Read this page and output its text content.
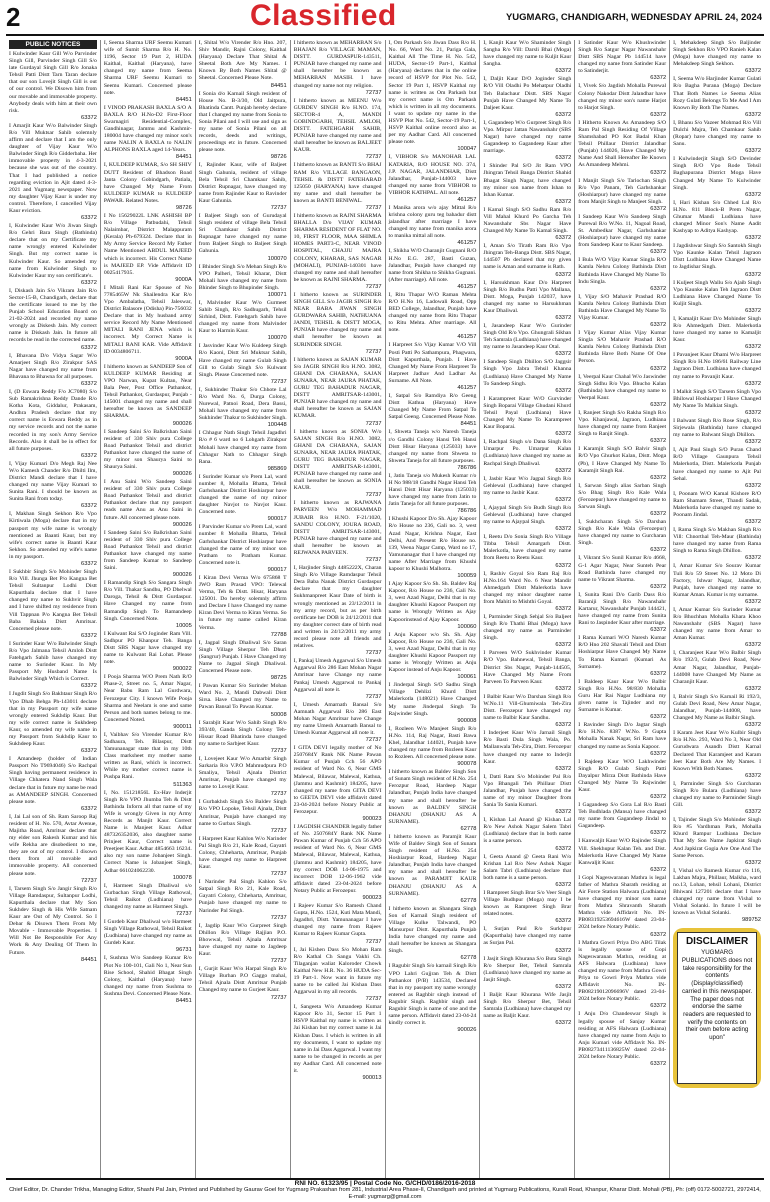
2	Classified	YUGMARG, CHANDIGARH, WEDNESDAY APRIL 24, 2024
PUBLIC NOTICES

I Kulwinder Kaur Gill W/o Parvinder Singh Gill, Parvinder Singh Gill S/o late Gurdayal Singh Gill R/o Jonaka Tehsil Patti Distt Tarn Taran declare that our son Lovejit Singh Gill is out of our control. We Disown him from our movable and immovable property. Anybody deals with him at their own risk.

63372

I Amarjit Kaur W/o Balwinder Singh R/o Vill Muktsar Sahib solemnly affirm and declare that I am the only daughter of Vijay Kaur W/o Balwinder Singh R/o Gidderbaha. Her immovable property in 4-3-2021 because she was out of the country. That I had published a notice regarding eviction in Ajit dated 4-3-2021 and Yugmarg newspaper. Now my daughter Vijay Kaur is under my control. Therefore, I cancelled Vijay Kaur eviction.

63372

I, Kulwinder Kaur W/o Jiwan Singh R/o Gehri Bara Singh (Bathinda) declare that on my Certificate my name wrongly entered Kulwinder Singh. But my correct name is Kulwinder Kaur. So amended my name from Kulwinder Singh to Kulwinder Kaur my son certificate's.

63372

I, Diskash Jain S/o Vikram Jain R/o Sector-15-B, Chandigarh, declare that the certificate issued to me by the Punjab School Education Board on 21-02-2024 and recorded my name wrongly as Diskesh Jain. My correct name is Diskash Jain. In future all records be read in the corrected name.

63372

I, Bhavana D/o Vidya Sagar W/o Amarjeet Singh R/o Zirakpur SAS Nagar have changed my name from Bhavana to Bhawna for all purposes.

63372

I, (D Eswara Reddy F/o JC7080) S/o Sub Ramakrishna Reddy Dande R/o Kotha Kota, Giddalur, Prakasam, Andhra Pradesh declare that my correct name is Eswara Reddy as in my service records and not the name recorded in my son's Army Service Records. Also it shall be in effect for all future purposes.

63372

I, Vijay Kumari D/o Megh Raj Nee W/o Kamesh Chander R/o Dhilti Ilm, District Mandi declare that I have changed my name Vijay Kumari to Sunita Rani. I should be known as Sunita Rani from today.

63372

I, Makhan Singh Sekhon R/o Vpo Kirtiwala (Moga) declare that in my passport my wife name is wrongly mentioned as Baanti Kaur, but my wife's correct name is Baanti Kaur Sekhon. So amended my wife's name in my passport.

63372

I Sukhbir Singh S/o Mohinder Singh R/o Vill. Jhunga Bet P/o Kangna Bet Tehsil Sultanpur Lodhi Distt Kapurthala declare that I have changed my name to Sukhvir Singh and I have shifted my residence from Vill Tappnan P/o Kangna Bet Tehsil Baba Bakala Distt Amritsar. Concerned please note.

63372

I Surinder Kaur W/o Balwinder Singh R/o Vpo Jalmana Tehsil Amloh Distt Fatehgarh Sahib have changed my name to Surinder Kaur. In My Passport My Husband Name Is Balwinder Singh Which is Correct.

63372

I Jugdit Singh S/o Bakhtaur Singh R/o Vpo Dhab Behga Ph-143011 declare that in my Passport my wife name wrongly entered Sukhdip Kaur. But my wife correct name is Sukhdeep Kaur, so amended my wife name in my Passport from Sukhdip Kaur to Sukhdeep Kaur.

63372

I Amandeep (holder of Indian Passport No T9694046) S/o Rachpal Singh having permanent residence in Village Chhatera Nand Singh Wala declare that in future my name be read as AMANDEEP SINGH. Concerned please note.

63372

I, Jai Lal son of Sh. Ram Saroop Raj resident of H. No. 570, Avtar Avenue, Majitha Road, Amritsar declare that my elder son Rakesh Kumar and his wife Rekha are disobedient to me, they are out of my control. I disown them from all movable and immovable property. All concerned please note.

72737

I, Tarsem Singh S/o Jangir Singh R/o Village Ramdaspur, Sultanpur Lodhi, Kapurthala declare that My Son Sukhdev Singh & His Wife Satnam Kaur are Out of My Control. So I Debar & Disown Them From My Movable - Immovable Properties. I Will Not Be Responsible For Any Work & Any Dealing Of Them In Future.

84451

I, Seema Sharma URF Seemu Kumari wife of Sumit Sharma R/o H. No. 1196, Sector 19 Part 2, HUDA Kaithal, Kaithal (Haryana), have changed my name from Seema Sharma URF Seemu Kumari to Seemu Kumari. Concerned please note.

84451

I VINOD PRAKASH BAXLA S/O A BAXLA R/O H.No-D2 First-Floor Swarnagiri Residential-Complex, Gandhinagar, Jammu and Kashmir-180004 have changed my minor son's name NALIN A BAXLA to NALIN ALPHONS BAXLA aged 14-Years.

84451

I, KULDEEP KUMAR, S/o SH SHIV DUTT Resident of Bhadson Road Janta Colony Gobindgarh, Patiala, have Changed My Name From KULDEEP KUMAR to KULDEEP PAWAR. Related Notes.

98726

I No 15629022L LNK ASHISH BP R/o Village Patbudahi, Tehsil Nalaimbar, District Malappuram (Kerala) Ph-679324. Declare that in My Army Service Record My Father Name Mentioned ABDUL MAJEED which is incorrect. His Correct Name is MAJEED EP. Vide Affidavit ID 0025417935.

9000A

I Mitali Rani Kar Spouse of No 7785465W Nk Shailendra Kar R/o Vpo Ambalatha, Tehsil Jaleswar, District Balasore (Odisha) Pin-756032 Declare that in My husband army service Record My Name Mentioned MITALI RANI JENA which is incorrect. My Correct Name is MITALI RANI KAR. Vide Affidavit ID 0034806711.

9000A

I hitherto known as SANDEEP Son of KULDEEP KUMAR Residing at VPO Narwan, Kupat Kultan, Near Bala Peer, Post Office Pathankot, Tehsil Pathankot, Gurdaspur, Punjab - 145001 changed my name and shall hereafter be known as SANDEEP SHARMA.

900026

I Sandeep Saini S/o Balkrishan Saini resident of 330 Shiv pura College Road Pathankot Tehsil and district Pathankot have changed the name of my minor son Shaurya Saini to Shaurya Saini.

900026

I Anu Saini W/o Sandeep Saini resident of 330 Shiv pura College Road Pathankot Tehsil and district Pathankot declare that my passport reads name Anu as Anu Saini in future. All concerned please note.

900026

I Sandeep Saini S/o Balkrishan Saini resident of 330 Shiv pura College Road Pathankot Tehsil and district Pathankot have changed my name from Sandeep Kumar to Sandeep Saini.

900026

I Ramandip Singh S/o Sangara Singh R/o Vill. Thakar Sandhu, PO Dhelwal Daroga, Tehsil & Distt Gurdaspur. Have Changed my name from Ramandip Singh To Ramandeep Singh. Concerned Note.

10005

I Kulwant Rai S/O Joginder Ram Vill. Sadhpur PO Khanpur Teh. Banga Distt SBS Nagar have changed my name to Kulwant Rai Lohat. Please note.

900022

I Pooja Sharma W/O Prem Nath R/O Phase-2, Street no. 5, Amar Nagar, Near Babu Ram Lal Gurdwara, Ferozepur City. I known Wife Pooja Sharma and Neelam is one and same Person and both names belong to me. Concerned Noted.

900011

I, Vaibhav S/o Virender Kumar R/o Sadhaura, Teh. Bilaspur, Distt Yamunanagar state that in my 10th Class marksheet my mother name written as Rani, which is incorrect. While my mother correct name is Pushpa Rani.

511363

I, No. 15121856L Ex-Hav Inderjit Singh R/o VPO Jhumba Teh & Distt Bathinda Inform all that name of my Wife is wrongly Given in my Army Records as Manjit Kaur. Correct Name is Manjeet Kaur. Adhar 487326352036, also daughter name Prinjeet Kaur, Correct name is Preetjeet Kaur. Adhar 4854663 16234. also my son name Jobanjeet Singh. Correct Name is Jobanjeet Singh, Adhar 661024062230.

100078

I, Harmeet Singh Dhaliwal s/o Gurbachan Singh Village Rathowal, Tehsil Raikot (Ludhiana) have changed my name as Harmeet Singh.

72737

I Gurdeb Kaur Dhaliwal w/o Harmeet Singh Village Rathowal, Tehsil Raikot (Ludhiana) have changed my name as Gurdeb Kaur.

96731

I, Sushma W/o Sandeep Kumar R/o Plot No 100-101, Gali No 1, Near Sun Rise School, Shahid Bhagat Singh Colony, Kaithal (Haryana) have changed my name from Sushma to Sushma Devi. Concerned Please Note.

84451

I, Shital W/o Virender R/o Hno. 207, Shiv Mandir, Rajni Colony, Kaithal (Haryana) Declare That Shital & Sheetal Both Are My Names. I Known By Both Names Shital @ Sheetal. Concerned Please Note.

84451

I Sonia d/o Karnail Singh resident of House No. B-3/30, Old Jaitpura, Bhatinda Cantt. Punjab hereby declare that I changed my name from Sonia to Sonia Pilani and I will use and sign as my name of Sonia Pilani on all records, deeds and writings, proceedings etc in future. Concerned please note.

98726

I, Rajinder Kaur, wife of Baljeet Singh Gahunia, resident of village Bela Tehsil Sri Chamkaur Sahib, District Rupnagar, have changed my name from Rajinder Kaur to Ravinder Kaur Gahunia.

72737

I Baljeet Singh son of Gurudayal Singh resident of village Bela Tehsil Sri Chamkaur Sahib District Rupnagar have changed my name from Baljeet Singh to Baljeet Singh Gahunia.

100070

I Bhinder Singh S/o Mehan Singh R/o VPO Palheri, Tehsil Kharar, Distt Mohali have changed my name from Bhinder Singh to Bhupinder Singh.

100071

I, Malvinder Kaur W/o Gurmeet Sahib Singh, R/o Sadhugarh, Tehsil Sirhind, Distt. Fatehgarh Sahib have changed my name from Malvinder Kaur to Harmin Kaur.

100070

I Jasvinder Kaur W/o Kuldeep Singh R/o Kaoni, Distt Sri Muktsar Sahib, Have changed my name Gulab Singh Gill to Gulab Singh S/o Kulwant Singh. Please Concerned note.

72737

I, Sukhinder Thakur S/o Chhote Lal R/o Ward No. 6, Durga Colony, Nurewal, Patnoi Road, Dera Bassi, Mohali have changed my name from Sukhinder Thakur to Sukhinder Singh.

100448

I Chhagur Nath Singh Tehsil Jagadhri R/o # 6 ward no 6 Lohgarh Zirakpur Mohali have changed my name from Chhagur Nath to Chhagur Singh Rana.

985869

I Surinder Kumar s/o Prem Lal, ward number 8, Mohalla Bhatta, Tehsil Garhshankar District Hoshiarpur have changed the name of my minor daughter Navjot to Navjot Kaur. Concerned note.

900017

I Parvinder Kumar s/o Prem Lal, ward number 8 Mohalla Bhatta, Tehsil Garhshankar District Hoshiarpur have changed the name of my minor son Pratham to Pratham Kumar. Concerned note it.

900017

I Kiran Devi Verma W/o 675868 T JWO Ram Prasad VPO: Telewal Verma, Teh & Distt. Hisar, Haryana 125001. Do hereby solemnly affirm and Declare I have Changed my name Kiran Devi Verma to Kiran Verma. So in future my name called Kiran Verma.

72788

I, Jagpal Singh Dhaliwal S/o Saran Singh Village Sherpur Teh Dhuri (Sangrur) Punjab. I Have Changed my Name to Jagpal Singh Dhaliwal. Concerned Please note.

98725

I Pawan Kumar S/o Surinder Mohan Ward No. 2, Mandi Dabwali Distt Sirsa. Have Changed my Name to Pawan Bansal To Pawan Kumar.

50008

I Sarabjit Kaur W/o Sahib Singh R/o 393/40, Ganda Singh Colony Teh-Hissar Road Bhatinda have changed my name to Sarbjeet Kaur.

72737

I, Lovejeet Kaur W/o Amarbir Singh Sarkaria R/o V.P.O Mahmudpura P.O Smaliya, Tehsil Ajnala District Amritsar, Punjab have changed my name to Lovejit Kaur.

72737

I Gurbakhsh Singh S/o Baldev Singh R/o VPO Lopoke, Tehsil Ajnala, Distt Amritsar, Punjab have changed my name to Gurbax Singh.

72737

I Harpreet Kaur Kahlon W/o Narinder Pal Singh R/o 21, Kale Road, Gayatri Colony, Chheharta, Amritsar, Punjab have changed my name to Harpreet Kaur.

72737

I Narinder Pal Singh Kahlon S/o Satpal Singh R/o 21, Kale Road, Gayatri Colony, Chheharta, Amritsar, Punjab have changed my name to Narinder Pal Singh.

72737

I, Jagdip Kaur W/o Gurpreet Singh Dhillon R/o Village Rajjian P.O. Bhowwal, Tehsil Ajnala Amritsar have changed my name to Jagdeep Kaur.

72737

I, Gurjit Kaur W/o Harpal Singh R/o Village Burhan P.O Gaggo mahal, Tehsil Ajnala Distt Amritsar Punjab Changed my name to Gurjeet Kaur.

72737

I hitherto known as MEHARBAN S/o BHAJAN R/o VILLAGE MAMAN, DISTT. GURDASPUR-143511, PUNJAB have changed my name and shall hereafter be known as MEHARBAN MASIH. I have changed my name not my religion.

72737

I hitherto known as MEENU W/o GURDEV SINGH R/o H.NO. 174, SECTOR-4 A, MANDI GOBINDGARH, TEHSIL AMLOH, DISTT. FATEHGARH SAHIB, PUNJAB have changed my name and shall hereafter be known as BALJEET KAUR.

72737

I hitherto known as BANTI S/o BHAJ RAM R/o VILLAGE BANGAON, TEHSIL & DISTT FATEHABAD 125050 (HARYANA) have changed my name and shall hereafter be known as BANTI BENIWAL.

72737

I hitherto known as RAJNI SHARMA BHALLA D/o VIJAY KUMAR SHARMA RESIDENT OF FLAT NO. 10, FIRST FLOOR, MAA SHIMLA HOMES PART3-C, NEAR VINOD HOSPITAL, CHAJJU MAJRA COLONY, KHARAR, SAS NAGAR (MOHALI), PUNJAB-140301 have changed my name and shall hereafter be known as RAJNI SHARMA.

72737

I hitherto known as SURINDER SINGH GILL S/o JAGIR SINGH R/o NEAR BABA JIWAN SINGH GURDWARA SAHIB, NATHUANA JANDI, TEHSIL & DISTT MOGA, PUNJAB have changed my name and shall hereafter be known as SURINDER SINGH.

72737

I hitherto known as SAJAN KUMAR S/o JAGIR SINGH R/o H.NO. 3082, GHANI DA CHABANA, SAJAN SUNARA, NEAR JAURA PHATAK, GURU TEG BAHADUR NAGAR, DISTT AMRITSAR-143001, PUNJAB have changed my name and shall hereafter be known as SAJAN KUMAR.

72737

I hitherto known as SONIA W/o SAJAN SINGH R/o H.NO. 3082, GHANI DA CHABANA, SAJAN SUNARA, NEAR JAURA PHATAK, GURU TEG BAHADUR NAGAR, DISTT AMRITSAR-143001, PUNJAB have changed my name and shall hereafter be known as SONIA KAUR.

72737

I hitherto known as RAJWANA PARVEEN W/o MOHAMMAD JUBAIR R/o H.NO. F-21/1020, SANDU COLONY, JOURA ROAD, DISTT AMRITSAR-143001, PUNJAB have changed my name and shall hereafter be known as REJWANA PARVEEN.

72737

I, Harjinder Singh 4485222X, Charan Singh R/o Village Ramdaspur Tehsil Dera Baba Nanak District Gurdaspur declare that my daughter Sukhmanpreet Kaur Date of birth is wrongly mentioned as 23/12/2011 in my army record, but as per birth certificate her DOB is 24/12/2011 that my daughter correct date of birth read and written in 24/12/2011 my army record please note all friends and relatives.

72737

I, Pankaj Umesh Aggarwal S/o Umesh Aggarwal R/o 286 East Mohan Nagar Amritsar have Change my name Pankaj Umesh Aggarwal to Pankaj Aggarwal all note it.

72737

I, Umesh Amarnath Bansal S/o Aamnath Aggarwal R/o 286 East Mohan Nagar Amritsar have Change my name Umesh Amarnath Bansal to Umesh Kumar Aggarwal all note it.

72737

I GITA DEVI legally mother of No 2507684Y Rank NK Name Pawan Kumar of Punjab Cch 56 APO resident of Ward No. 6, Near GMS Malewal, Bilawar, Malewal, Kathua, (Jammu and Kashmir) 184205, have changed my name from GITA DEVI to GEETA DEVI vide affidavit dated 23-04-2024 before Notary Public at Ferozepur.

900023

I JAGDISH CHANDER legally father of No. 2507684Y Rank NK Name Pawan Kumar of Punjab Cch 56 APO resident of Ward No. 6, Near GMS Malewal, Bilawar, Malewal, Kathua, (Jammu and Kashmir) 184205, have my correct DOB 14-06-1975 and incorrect DOB 12-06-1962 vide affidavit dated 23-04-2024 before Notary Public at Ferozepur.

900023

I Rajeev Kumar S/o Ramesh Chand Gupta, H.No. 1524, Kuti Mata Mandi, Jagadhri, Distt. Yamunanagar I have changed my name from Rajeev Kumar to Rajeev Kumar Gupta.

72737

I, Jai Kishen Dass S/o Mohan Ram R/o Kathal Ch Sangu Vakhi Ch. Tilaganjan waliat Kaloroder Chowk Kaithal New H.R. No. 36 HUDA Sec-19 Part-1. Now want in future my name to be called Jai Kishan Dass Aggarwal in my all records.

72737

I, Sangeeta W/o Amandeep Kumar Kapoor R/o 31, Sector 15 Part 1 HSVP Kaithal my name is written as Jai Kishan but my correct name is Jai Kishan Dass. I which is written in all my documents, I want to update my name in Jai Dass Aggarwal. I want my name to be changed in records as per my Aadhar Card. All concerned note it.

900013

I, Om Parkash S/o Jiwan Dass R/o H. No. 66, Ward No. 21, Pariga Gala, Kaithal All The Time H. No. 542, HUDA, Sector-19 Part-1, Kaithal (Haryana) declares that in the online record of HSVP for Plot No. 542, Sector 19 Part 1, HSVP Kaithal my name is written as Om Parkash but my correct name is Om Parkash which is written in all my documents. I want to update my name in the HSVP Plot No. 542, Sector-19 Part-1, HSVP Kaithal online record also as per my Aadhar Card. All concerned please note.

100047

I, VIBHOR S/o MANOHAR LAL KATARIA, R/O HOUSE NO. 374, J.P. NAGAR, JALANDHAR, Distt Jalandhar, Punjab-144003 have changed my name from VIBHOR to VIBHOR KATHPAL. All note.

461257

I Manika arora w/o ajay Mittal R/o krishna colony guru teg bahadur distt jalandhar after marriage I have changed my name from manika arora to manika mittal all note.

461257

I, Shikha W/O Charanjit Gugnani R/O H.No E.G. 287, Basti Guzan, Jalandhar, Punjab have changed my name from Shikha to Shikha Gugnani. (After marriage). All note.

461257

I, Ritu Thapar W/O Raman Mehta R/O H.No 16, Ladowali Road, Opp BED College, Jalandhar, Punjab have changed my name from Ritu Thapar to Ritu Mehta. After marriage. All note.

461257

I Harpreet S/o Vijay Kumar V/O Vill Posti Patti Po Sathampura, Phagwara, Distt Kapurthala, Punjab. I Have Changed My Name From Harpreet To Harpreet Jadhav And Ladhar As Surname. All Note.

461257

I, Satpal S/o Ramdiya R/o Geeng Distt Kathua (Haryana) Have Changed My Name From Satpal To Satpal Geeng. Concerned Please Note.

84451

I, Shweta Taneja w/o Naresh Taneja r/o Gandhi Colony Hansi Teh Hansi Distt Hisar Haryana (125033) have changed my name from Shweta to Shweta Taneja for all future purposes.

786786

I, Jatin Taneja s/o Mukesh Kumar r/o H No 988/18 Gandhi Nagar Hansi Teh Hansi Distt Hisar Haryana (125033) have changed my name from Jatin to Jatin Taneja for all future purposes.

786786

I Khushi Kapoor D/o Sh. Ajay Kapoor R/o House no 236, Gali no. 3, west Azad Nagar, Krishna Nagar, East Delhi, And Present R/o House no. 139, Veena Nagar Camp, Ward no 17, Yamunanagar that I have changed my name After Marriage from Khushi kapoor to Khushi Malhotra.

100059

I Ajay Kapoor S/o Sh. Sh. Baldev Raj Kapoor, R/o House no 236, Gali No. 3, west Azad Nagar, Delhi that in my daughter Khushi Kapoor Passport my name is Wrongly Written as Ajay Kapoorinstead of Ajay Kapoor.

100060

I Anju Kapoor w/o Sh. Sh. Ajay Kapoor, R/o House no 236, Gali No. 3, west Azad Nagar, Delhi that in my daughter Khushi Kapoor Passport my name is Wrongly Written as Anju Kapoor instead of Anju Kapoor.

100061

I Jinderpal Singh S/O Sadhu Singh Village Dehlizi Khurd Distt Malerkotla (148021) Have Changed My name Jinderpal Singh To Rajwinder Singh.

900008

I, Rozleen W/o Manjeet Singh R/o H.No. 114, Raj Nagar, Basti Bawa Khel, Jalandhar 144021, Punjab have changed my name from Rozleen Kaur to Rozleen. All concerned please note.

900078

I hitherto known as Baldev Singh Son of Sunam Singh resident of H.No. 254 Ferozpur Road, Hardeep Nagar Jalandhar, Punjab India have changed my name and shall hereafter be known as BALDEV SINGH DHANJU (DHANJU AS A SURNAME).

62778

I hitherto known as Paramjit Kaur Wife of Baldev Singh Son of Sunam Singh resident of H.No. 254 Hoshiarpur Road, Hardeep Nagar Jalandhar, Punjab India have changed my name and shall hereafter be known as PARAMJIT KAUR DHANJU (DHANJU AS A SURNAME).

62778

I hitherto known as Shangara Singh Son of Karnail Singh resident of Village Kulke Talwandi, PO Mansurpur Distt. Kapurthala Punjab India have changed my name and shall hereafter be known as Shangara Singh.

62778

I Ragubir Singh S/o karnail Singh R/o VPO Lahri Gujjran Teh & Distt Pathankot (P/B) 143534, Declared that in my passport my name wrongly entered as Raghbir singh instead of Ragubir Singh. Raghbir singh and Ragubir Singh is name of one and the same person. Affidavit dated 23-04-24 kindly correct it.

900026

I, Kanjit Kaur W/o Shaminder Singh Sangha R/o Vill: Darsli Bhai (Moga) have changed my name to Kuljit Kaur Sangha.

63372

I, Daljit Kaur D/O Joginder Singh R/O Vill Oladhi Po Mehatpur Oladhi Teh Balachaur Distt. SBS Nagar Punjab Have Changed My Name To Daljeet Kaur.

63372

I, Gagandeep W/o Gurpreet Singh R/o Vpo. Mirpur Jattan Nawanshahr (SBS Nagar) have changed my name Gagandeep to Gagandeep Kaur after marriage.

63372

I Shinder Pal S/O Jit Ram VPO Jhingran Tehsil Banga District Shahid Bhagat Singh Nagar, have changed my minor son name from Ishan to Ishan Kumar.

63372

I Kamal Singh S/O Sadhu Ram R/o Vill Mahal Khurd Po Garcha Teh Nawanshahr Sbs Nagar Have Changed My Name To Kamal Singh.

63372

I, Aman S/o Tirath Ram R/o Vpo Jhingran Teh-Banga Distt. SBS Nagar, 144507 Pb declared that my given name is Aman and surname is Rath.

63372

I, Harsukhman Kaur D/o Harpreet Singh R/o Budhu Patti Vpo Mallana, Distt. Moga, Punjab 142037, have changed my name to Harsukhman Kaur Dhaliwal.

63372

I, Jasandeep Kaur W/o Gurinder Singh Old R/o Vpo. Ghungrali Sikhan Teh Samrala (Ludhiana) have changed my name to Jasandeep Kaur Otal.

63372

I Sandeep Singh Dhillon S/O Jaggsir Singh Vpo Jabra Tehsil Khanna (Ludhiana) Have Changed My Name To Sandeep Singh.

63372

I Karampreet Kaur W/O Gurvinder Singh Boparai Village Ghudani Khurd Tehsil Payal (Ludhiana) Have Changed My Name To Karampreet Kaur Boparai.

63372

I, Rachpal Singh s/o Dana Singh R/o Umarpur Po. Umarpur Kalan (Ludhiana) have changed my name as Rachpal Singh Dhaliwal.

63372

I, Jasbir Kaur W/o Jagpal Singh R/o Gehlewal (Ludhiana) have changed my name to Jasbir Kaur.

63372

I, Ajaypal Singh S/o Budh Singh R/o Gehlewal (Ludhiana) have changed my name to Ajaypal Singh.

63372

I, Reetu D/o Sonia Singh R/o Village Tibba Tehsil Amargarh Distt. Malerkotla, have changed my name from Reetu to Reetu Kaur.

63372

I, Rashiv Goyal S/o Ram Raj R/o H.No.164 Ward No. 6 Near Mandir Ahmedgarh Distt Malerkotla have changed my minor daughter name from Mahiti to Mishthi Goyal.

63372

I, Parminder Singh Sehjal S/o Baljeet Singh R/o Thathi Bhai (Moga) have changed my name as Parminder Singh.

63372

I Parveen W/O Sukhvinder Kumar R/O Vpo. Bahnewal, Tehsil Banga, District Sbs Nagar, Punjab-144505, Have Changed My Name From Parveen To Parveen Kaur.

63372

I Balbir Kaur W/o Darshan Singh R/o W.No.11 Vill-Ghumiwala Teh-Zira Distt. Ferozepur have changed my name to Balbir Kaur Sandhu.

63372

I Inderjeet Kaur W/o Jarnail Singh R/o Basti Dula Singh Wala, Po. Mallanwala Teh-Zira, Distt. Ferozepur have changed my name to Inderjit Kaur.

63372

I, Datti Ram S/o Mohinder Pal R/o Vpo Bhangali Teh Phillaur Distt Jalandhar, Punjab have changed the name of my minor Daughter from Sania To Sania Kumari.

63372

I, Kishan Lal Anand @ Kishan Lal R/o New Ashok Nagar Salem Tabri (Ludhiana) declare that in both name is a same person.

63372

I, Geeta Anand @ Geeta Rani W/o Krishan Lal R/o New Ashok Nagar Salam Tabri (Ludhiana) declare that both name is a same person.

63372

I Rampreet Singh Brar S/o Veer Singh Village Budhpur (Moga) may I be known as Rampreet Singh Brar related notes.

63372

I, Surjan Paul R/o Surkhpur (Kapurthala) have changed my name as Surjan Pal.

63372

I Jasjit Singh Khurana S/o Buta Singh R/o Sherpur Bet, Tehsil Samrala (Ludhiana) have changed my name as Jasjit Singh.

63372

I Baljit Kaur Khurana Wife Jasjit Singh R/o Sherpur Bet, Tehsil Samrala (Ludhiana) have changed my name as Baljit Kaur.

63372

I Satinder Kaur W/o Khushwinder Singh R/o Satgur Nagar Nawanshahr Distt SBS Nagar Pb 144514 have changed my name from Satinder Kaur to Satinderjit.

63372

I, Vivek S/o Jagdish Mohalla Purewal Colony Nakodar Distt Jalandhar have changed my minor son's name Harjot to Harjot Singh.

63372

I Hitherto Known As Amandeep S/O Ram Pal Singh Residing Of Village Shamshabad PO Kot Badal Khan Tehsil Phillaur District Jalandhar (Punjab) 144026, Have Changed My Name And Shall Hereafter Be Known As Amandeep Mehmi.

63372

I Manjit Singh S/o Tarlochan Singh R/o Vpo Panam, Teh Garhshankar (Hoshiarpur) have changed my name from Manjit Singh to Manjeet Singh.

63372

I Sandeep Kaur W/o Sandeep Singh Purewal R/o W.No. 11, Nagoal Road, St. Ambedkar Nagar, Garhshankar (Hoshiarpur) have changed my name from Sandeep Kaur to Kaur Sandeep.

63372

I Bula W/O Vijay Kumar Singla R/O Kamla Nehru Colony Bathinda Distt Bathinda Have Changed My Name To Indu Singla.

63372

I, Vijay S/O Mahavir Prashad R/O Kamla Nehru Colony Bathinda Distt Bathinda Have Changed My Name To Vijay Kumar.

63372

I Vijay Kumar Alias Vijay Kumar Singla S/O Mahavir Prashad R/O Kamla Nehru Colony Bathinda Distt Bathinda Have Both Name Of One Person.

63372

I, Veerpal Kaur Chahal W/o Jaswinder Singh Sidhu R/o Vpo. Bhucho Kalan (Bathinda) have changed my name to Veerpal Kaur.

63372

I, Ranjeet Singh S/o Rakha Singh R/o Vpo. Khanjawal, Jagraon, Ludhiana have changed my name from Ranjeet Singh to Ranjit Singh.

63372

I Karamjit Singh S/O Balvir Singh R/O Vpo Ghurkot Kalan, Distt. Moga (Pb), I Have Changed My Name To Karamjit Singh Rai.

63372

I, Sarwan Singh alias Sarban Singh S/o Bhag Singh R/o Kale Wala (Ferozepur) have changed my name to Sarwan Singh.

63372

I, Sukhcharan Singh S/o Darshan Singh R/o Kale Wala (Ferozepur) have changed my name to Gurcharan Singh.

63372

I, Vikrant S/o Sunil Kumar R/o 4668, G-1 Agar Nagar, Near Sunteh Pear Road Bathinda have changed my name to Vikrant Sharma.

63372

I, Sunita Rani D/o Garib Dass R/o Baraniji Singh R/o Nawanshahr Kartarur, Nawanshahr Punjab 144421, have changed my name from Sunita Rani to Jaspinder Kaur after marriage.

63372

I Rama Kumari W/O Naresh Kumar R/O Hno 202 Shavali Tehsil and Distt Hoshiarpur Have Changed My Name To Rama Kumari (Kumari As Surname).

63372

I Baldeep Kaur Kaur W/o Balbir Singh R/o H.No. 98/830 Mohalla Guru Har Rai Nagar Ludhiana my given name is Tajinder and my Surname is Kumar.

63372

I Ravinder Singh D/o Jagtar Singh R/o H.No. 8387 W.No. 9 Gupta Mohalla Nanak Nagar, Sri Ram have changed my name as Sonia Kapoor.

63372

I Rajdeep Kaur W/O Lakhwinder Singh R/O Gulab Singh Patti Dayalpur Mirza Distt Bathinda Have Changed My Name To Rajwinder Kaur.

63372

I Gagandeep S/o Gora Lal R/o Basti Teh Budhlada (Mansa) have changed my name from Gagandeep Jindal to Gagandeep.

63372

I Kanwaljit Kaur W/O Rajinder Singh Vill. Shekhupur Kalan Teh. and Dist. Malerkotla Have Changed My Name Kanwaljit Kaur.

63372

I Gopi Nageswaranan Mathra is legal father of Mathra Sharath residing at Air Force Station Halwara (Ludhiana) have changed my minor son name from Mathra Shravanth Sharath Mathra vide Affidavit No. IN-PB08319253694616W dated 23-04-2024 before Notary Public.

63372

I Mathra Gowri Priya D/o ABG Tilak is legally spouse of Gopi Nageswaranan Mathra, residing at AFS Halwara (Ludhiana) have changed my name from Mathra Gowri Priya to Gowri Priya Mathra vide Affidavit No. IN-PB08219012096696V dated 23-04-2024 before Notary Public.

63372

I Anju D/o Chandeswar Singh is legally spouse of Sanjay Kumar residing at AFS Halwara (Ludhiana) have changed my name from Anju to Anju Kumari vide Affidavit No. IN-PB08273411136825W dated 22-04-2024 before Notary Public.

63372

I, Mehakdeep Singh S/o Baljinder Singh Sekhon R/o VPO Ranieh Kalan (Moga) have changed my name to Mehakdeep Singh Sekhon.

63372

I, Seema W/o Harjinder Kumar Gulati R/o Bagha Purana (Moga) Declare That Both Names i.e Seema Alias Rozy Gulati Belongs To Me And I Am Known By Both The Names.

63372

I, Bhanu S/o Vazeer Mohmad R/o Vill Dulchi Majra, Teh Chamkaur Sahib (Ropar) have changed my name to Sanu.

63372

I Kulwinderjit Singh S/O Devinder Singh R/O Vpo Rode Tehsil Baghapurana District Moga Have Changed My Name To Kulwinder Singh.

63372

I, Hari Kishan S/o Chhed Lal R/o H.No. 811 Block-B Prem Nagar, Ghumar Mandi Ludhiana have changed Minor Son's Name Aadit Kashyap to Aditya Kashyap.

63372

I Jagdishwar Singh S/o Santokh Singh Vpo Kaunke Kalan Tehsil Jagraon Distt Ludhiana Have Changed Name to Jagdishar Singh.

63372

I Kuljeet Singh Wallu S/o Ajaib Singh Vpo Kaunke Kalan Teh Jagraon Distt Ludhiana Have Changed Name To Kuljit Singh.

63372

I, Kamaljit Kaur D/o Mohinder Singh R/o Ahmedgarh Distt. Malerkotla have changed my name to Kamaljit Kaur.

63372

I Pavanjeet Kaur Dhami W/o Harpreet Singh R/o H.No 186/61 Railway Line Jagraon Distt. Ludhiana have changed my name to Pavanjit Kaur.

63372

I Malkit Singh S/O Tarsem Singh Vpo Bhilowal Hoshiarpur I Have Changed My Name To Malkiat Singh.

63372

I Balwant Singh R/o Rose Singh, R/o Sirjewala (Bathinda) have changed my name to Balwant Singh Dhillon.

63372

I, Ajit Paul Singh S/O Puran Chand R/O Village Gaunpura Tehsil Malerkotla, Distt. Malerkotla Punjab have changed my name to Ajit Pal Sehal.

63372

I, Poonam W/O Kamal Kishore R/O Ram Shamam Street, Thandi Sadak, Malerkotla have changed my name to Poonam Jindal.

63372

I, Rama Singh S/o Makhan Singh R/o Vill: Chnorthal Teh-Maur (Bathinda) have changed my name from Rama Singh to Rama Singh Dhillon.

63372

I, Amar Kumar S/o Sourav Kumar Tuli R/o 59 Street No. 12 Moto Di Factory, Ishwar Nagar, Jalandhar, Punjab, have changed my name to Kumar Aman. Kumar is my surname.

63372

I, Amar Kumar S/o Surinder Kumar R/o Bhuchhan Mohalla Khara Khoo Nawanshahr (SBS Nagar) have changed my name from Amar to Aman Kumar.

63372

I, Charanjeet Kaur W/o Balbir Singh R/o 192/3, Gulab Devi Road, New Amar Nagar, Jalandhar, Punjab-144008 have Changed My Name as Charanjit Kaur.

63372

I, Balvir Singh S/o Karnail Ri 192/3, Gulab Devi Road, New Amar Nagar, Jalandhar, Punjab-144008, have Changed My Name as Balbir Singh.

63372

I Karam Jeet Kaur W/o Kulbir Singh R/o H.No. 293, Ward No 3, Near Old Gurudwara Asandh Distt Karnal Declared That Karamjeet and Karam Jeet Kaur Both Are My Names. I Known With Both Names.

63372

I, Parminder Singh S/o Gurcharan Singh R/o Bulara (Ludhiana) have changed my name to Parminder Singh Gill.

63372

I, Tajinder Singh S/o Mohinder Singh R/o #5 Vardhman Park, Mohalla Khurd Rampur Ludhiana Declare That My Son Name Japkirat Singh And Japkirat Gogia Are One And The Same Person.

63372

I, Vishal s/o Ramesh Kumar r/o 116, Lakhan Majra, Phillaur, Malkha, ward no.13, Lohan, tehsil Lohani, District Bhiwani 127201 declare that I have changed my name from Vishal to Vishal Solanki. In future I will be known as Vishal Solanki.

989752

DISCLAIMER

YUGMARG PUBLICATIONS does not take responsibility for the contents (Display/classified) carried in this newspaper. The paper does not endorse the same readers are requested to verify the contents on their own before acting upon"

RNI NO. 61323/95 | Postal Code No. G/CHD/0186/2016-2018
Chief Editor, Dr. Chander Trikha, Managing Editor, Shashi Pal Jain, Printed and Published by Gaurav Goel for Yugmarg Prakashan from 281, Industrial Area Phase-II, Chandigarh and printed at Yugmarg Publications, Kurali Road, Khanpur, Kharar Distt. Mohali (PB), Ph: (off) 0172-5002721, 2972414, E-mail: yugmarg@gmail.com
